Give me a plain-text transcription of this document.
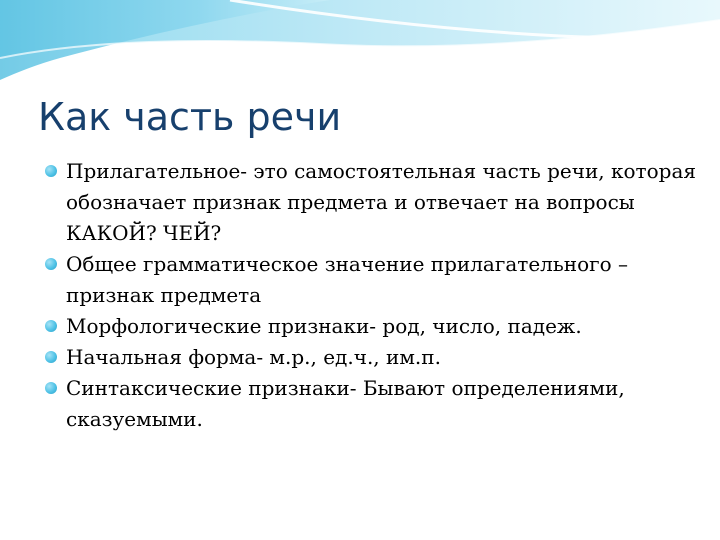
Как часть речи
Прилагательное- это самостоятельная часть речи, которая обозначает признак предмета и отвечает на вопросы КАКОЙ? ЧЕЙ?
Общее грамматическое значение прилагательного –признак предмета
Морфологические признаки- род, число, падеж.
Начальная форма- м.р., ед.ч., им.п.
Синтаксические признаки- Бывают определениями, сказуемыми.
